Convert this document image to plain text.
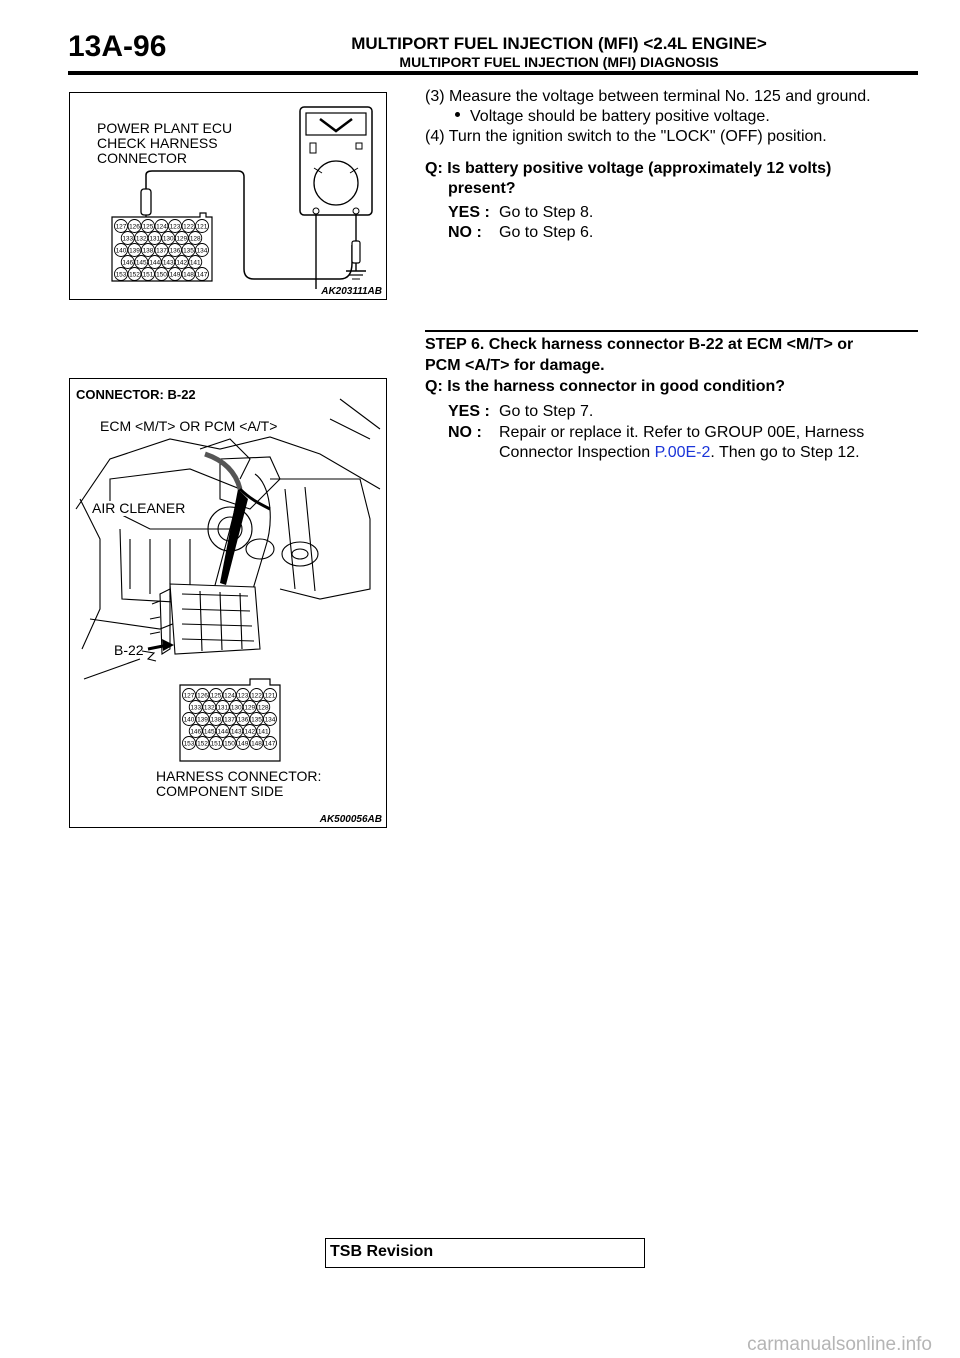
13A-96	MULTIPORT FUEL INJECTION (MFI) <2.4L ENGINE>
MULTIPORT FUEL INJECTION (MFI) DIAGNOSIS
127 126 125 124 123 122 121
133 132 131 130 129 128
140 139 138 137 136 135 134
146 145 144 143 142 141
153 152 151 150 149 148 147
POWER PLANT ECU
CHECK HARNESS
CONNECTOR
AK203111AB
127 126 125 124 123 122 121
133 132 131 130 129 128
140 139 138 137 136 135 134
146 145 144 143 142 141
153 152 151 150 149 148 147
CONNECTOR: B-22
ECM <M/T> OR PCM <A/T>
AIR CLEANER
B-22
HARNESS CONNECTOR:
COMPONENT SIDE
AK500056AB
(3) Measure the voltage between terminal No. 125 and ground.
Voltage should be battery positive voltage.
(4) Turn the ignition switch to the "LOCK" (OFF) position.
Q: Is battery positive voltage (approximately 12 volts)
present?
YES : Go to Step 8.
NO : Go to Step 6.
STEP 6. Check harness connector B-22 at ECM <M/T> or
PCM <A/T> for damage.
Q: Is the harness connector in good condition?
YES : Go to Step 7.
NO : Repair or replace it. Refer to GROUP 00E, Harness
Connector Inspection P.00E-2. Then go to Step 12.
TSB Revision
carmanualsonline.info
